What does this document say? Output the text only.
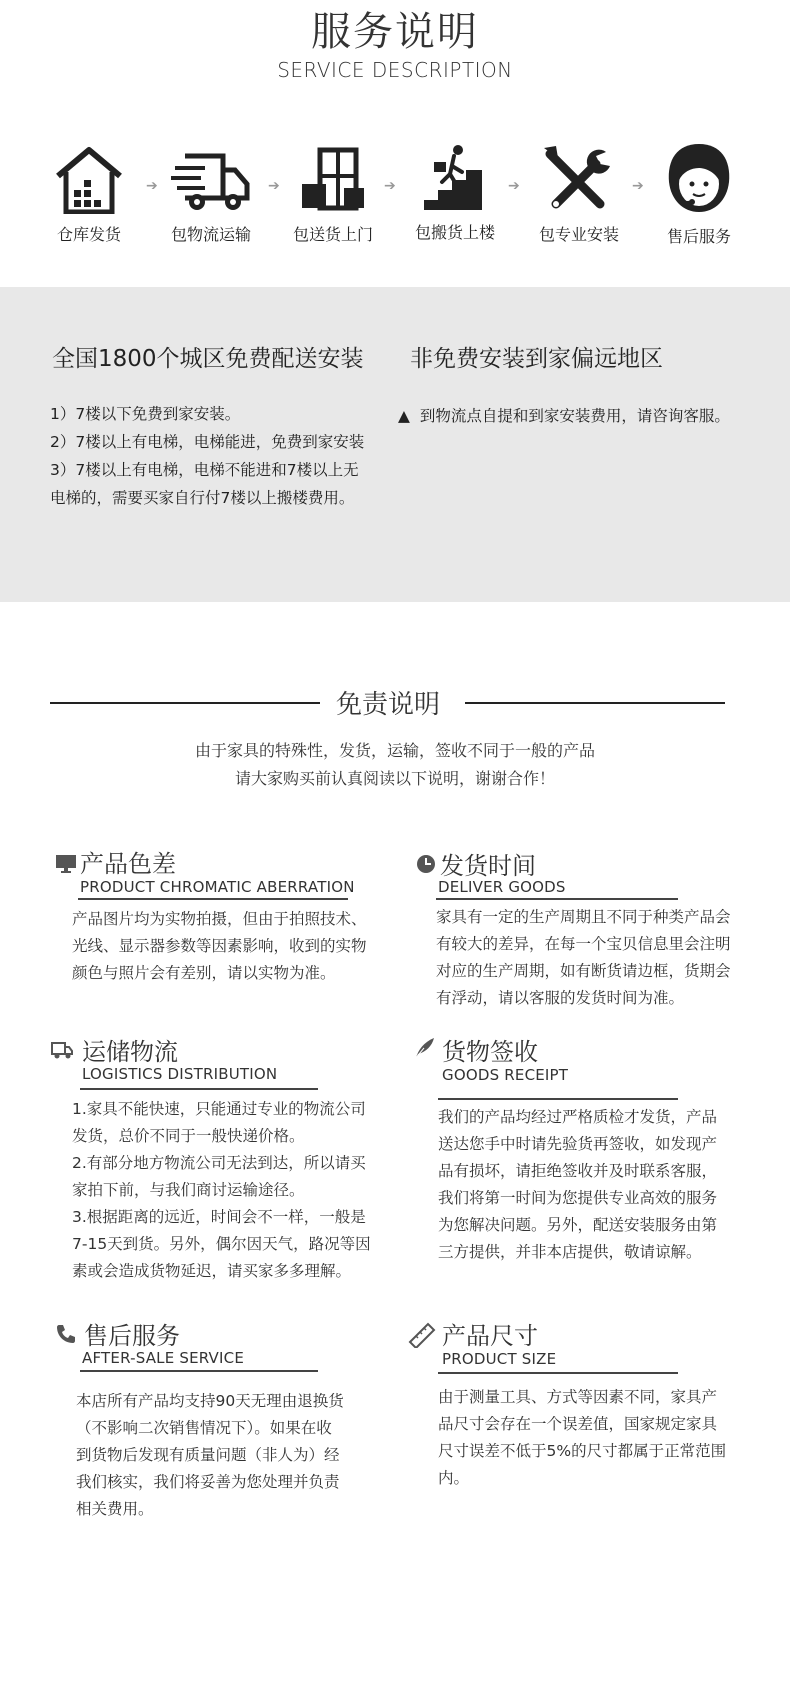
服务说明
SERVICE DESCRIPTION
仓库发货
➔
包物流运输
➔
包送货上门
➔
包搬货上楼
➔
包专业安装
➔
售后服务
全国1800个城区免费配送安装 非免费安装到家偏远地区
1）7楼以下免费到家安装。
2）7楼以上有电梯，电梯能进，免费到家安装
3）7楼以上有电梯，电梯不能进和7楼以上无
电梯的，需要买家自行付7楼以上搬楼费用。
▲ 到物流点自提和到家安装费用，请咨询客服。
免责说明
由于家具的特殊性，发货，运输，签收不同于一般的产品
请大家购买前认真阅读以下说明，谢谢合作！
产品色差
PRODUCT CHROMATIC ABERRATION
产品图片均为实物拍摄，但由于拍照技术、
光线、显示器参数等因素影响，收到的实物
颜色与照片会有差别，请以实物为准。
发货时间
DELIVER GOODS
家具有一定的生产周期且不同于种类产品会
有较大的差异，在每一个宝贝信息里会注明
对应的生产周期，如有断货请边框，货期会
有浮动，请以客服的发货时间为准。
运储物流
LOGISTICS DISTRIBUTION
1.家具不能快速，只能通过专业的物流公司
发货，总价不同于一般快递价格。
2.有部分地方物流公司无法到达，所以请买
家拍下前，与我们商讨运输途径。
3.根据距离的远近，时间会不一样，一般是
7-15天到货。另外，偶尔因天气，路况等因
素或会造成货物延迟，请买家多多理解。
货物签收
GOODS RECEIPT
我们的产品均经过严格质检才发货，产品
送达您手中时请先验货再签收，如发现产
品有损坏，请拒绝签收并及时联系客服，
我们将第一时间为您提供专业高效的服务
为您解决问题。另外，配送安装服务由第
三方提供，并非本店提供，敬请谅解。
售后服务
AFTER-SALE SERVICE
本店所有产品均支持90天无理由退换货
（不影响二次销售情况下）。如果在收
到货物后发现有质量问题（非人为）经
我们核实，我们将妥善为您处理并负责
相关费用。
产品尺寸
PRODUCT SIZE
由于测量工具、方式等因素不同，家具产
品尺寸会存在一个误差值，国家规定家具
尺寸误差不低于5%的尺寸都属于正常范围
内。
